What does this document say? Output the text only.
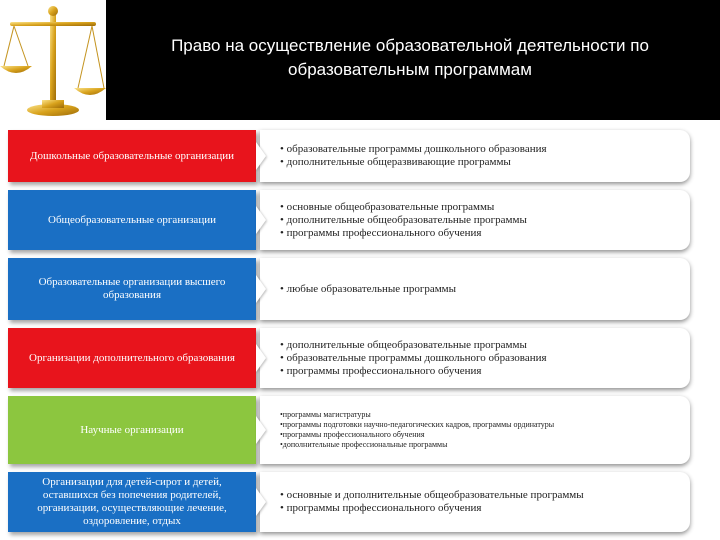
Право на осуществление образовательной деятельности по образовательным программам
Дошкольные образовательные организации
• образовательные программы дошкольного образования
• дополнительные общеразвивающие программы
Общеобразовательные организации
• основные общеобразовательные программы
• дополнительные общеобразовательные программы
• программы профессионального обучения
Образовательные организации высшего образования
• любые образовательные программы
Организации дополнительного образования
• дополнительные общеобразовательные программы
• образовательные программы дошкольного образования
• программы профессионального обучения
Научные организации
•программы магистратуры
•программы подготовки научно-педагогических кадров, программы ординатуры
•программы профессионального обучения
•дополнительные профессиональные программы
Организации для детей-сирот и детей, оставшихся без попечения родителей, организации, осуществляющие лечение, оздоровление, отдых
• основные и дополнительные общеобразовательные программы
• программы профессионального обучения
